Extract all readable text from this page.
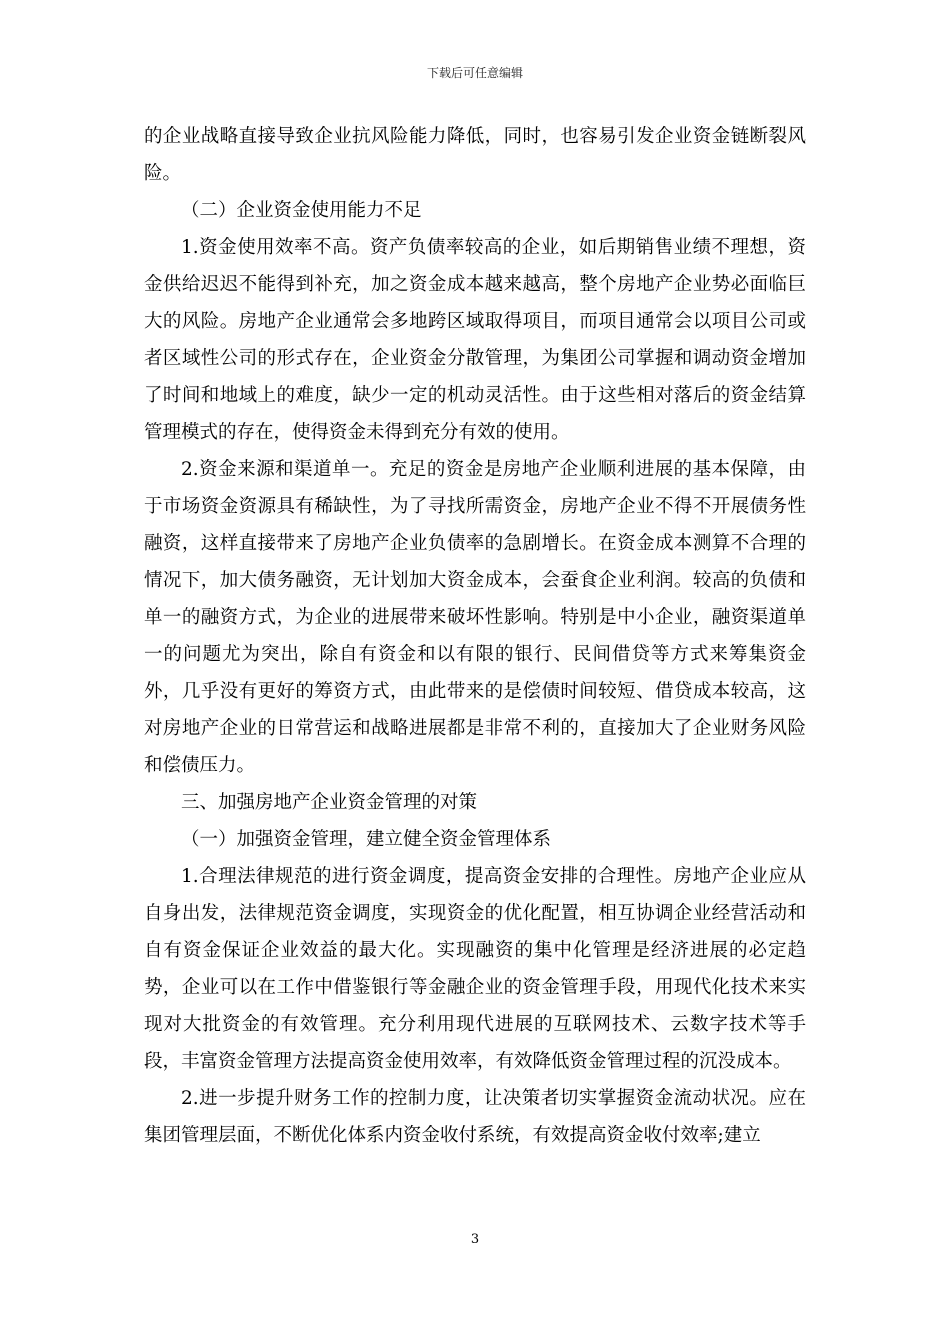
下载后可任意编辑

的企业战略直接导致企业抗风险能力降低，同时，也容易引发企业资金链断裂风险。

（二）企业资金使用能力不足

1.资金使用效率不高。资产负债率较高的企业，如后期销售业绩不理想，资金供给迟迟不能得到补充，加之资金成本越来越高，整个房地产企业势必面临巨大的风险。房地产企业通常会多地跨区域取得项目，而项目通常会以项目公司或者区域性公司的形式存在，企业资金分散管理，为集团公司掌握和调动资金增加了时间和地域上的难度，缺少一定的机动灵活性。由于这些相对落后的资金结算管理模式的存在，使得资金未得到充分有效的使用。

2.资金来源和渠道单一。充足的资金是房地产企业顺利进展的基本保障，由于市场资金资源具有稀缺性，为了寻找所需资金，房地产企业不得不开展债务性融资，这样直接带来了房地产企业负债率的急剧增长。在资金成本测算不合理的情况下，加大债务融资，无计划加大资金成本，会蚕食企业利润。较高的负债和单一的融资方式，为企业的进展带来破坏性影响。特别是中小企业，融资渠道单一的问题尤为突出，除自有资金和以有限的银行、民间借贷等方式来筹集资金外，几乎没有更好的筹资方式，由此带来的是偿债时间较短、借贷成本较高，这对房地产企业的日常营运和战略进展都是非常不利的，直接加大了企业财务风险和偿债压力。

三、加强房地产企业资金管理的对策

（一）加强资金管理，建立健全资金管理体系

1.合理法律规范的进行资金调度，提高资金安排的合理性。房地产企业应从自身出发，法律规范资金调度，实现资金的优化配置，相互协调企业经营活动和自有资金保证企业效益的最大化。实现融资的集中化管理是经济进展的必定趋势，企业可以在工作中借鉴银行等金融企业的资金管理手段，用现代化技术来实现对大批资金的有效管理。充分利用现代进展的互联网技术、云数字技术等手段，丰富资金管理方法提高资金使用效率，有效降低资金管理过程的沉没成本。

2.进一步提升财务工作的控制力度，让决策者切实掌握资金流动状况。应在集团管理层面，不断优化体系内资金收付系统，有效提高资金收付效率;建立

3
